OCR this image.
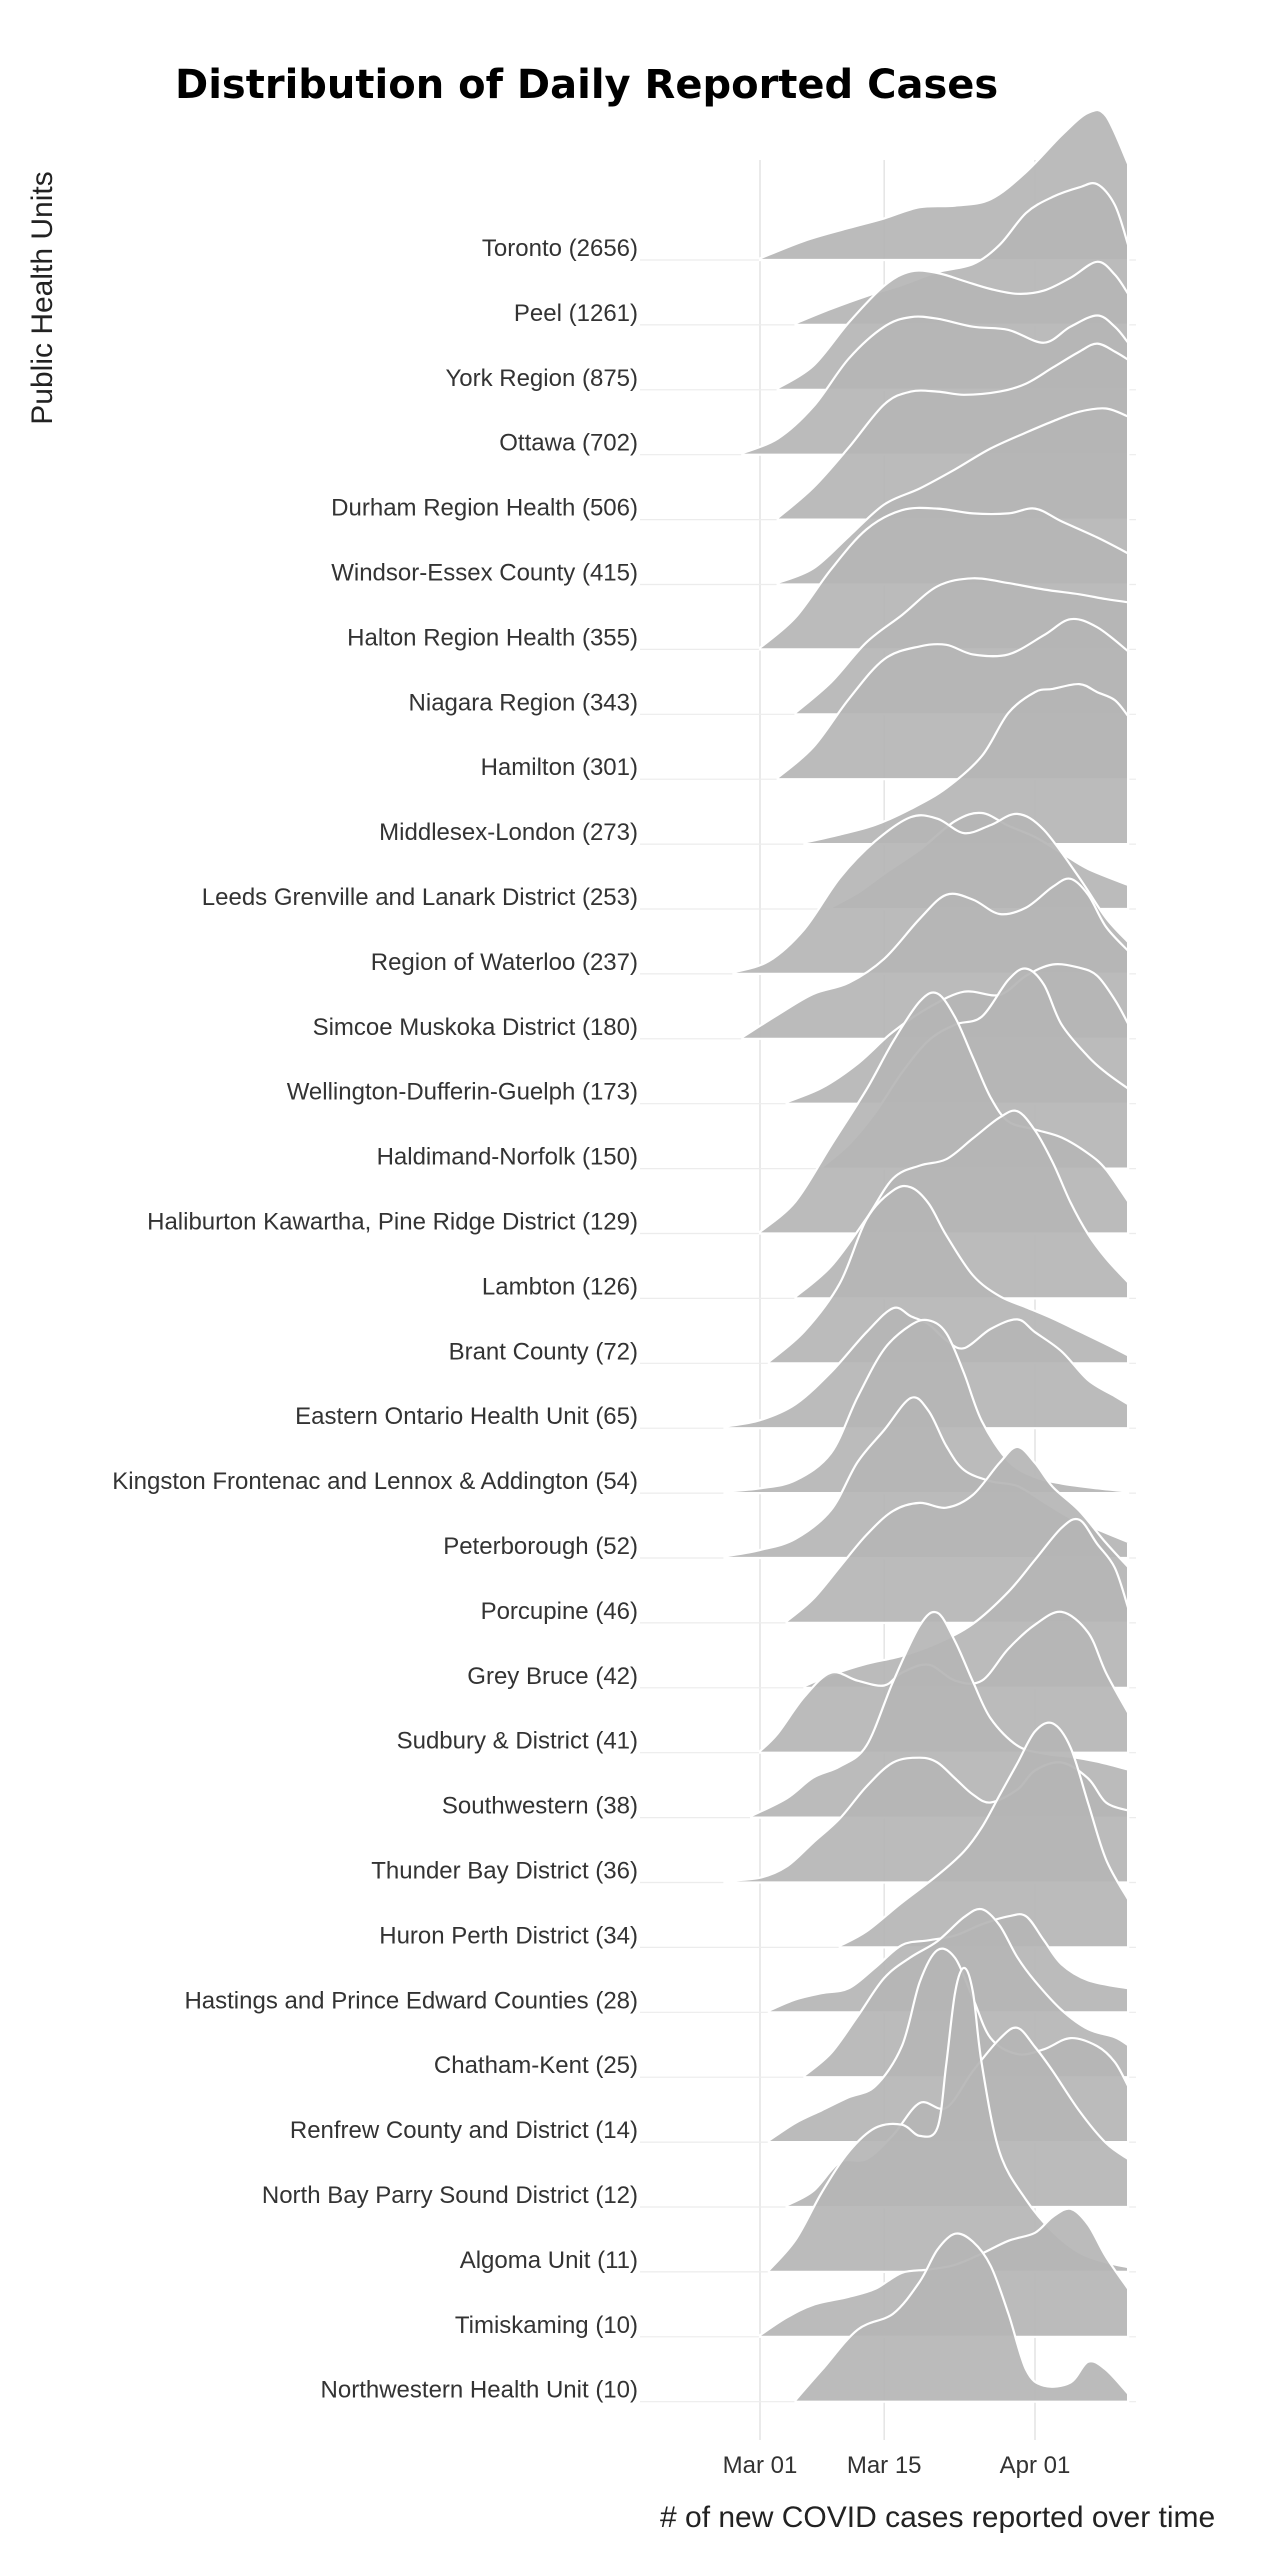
Distribution of Daily Reported Cases
Toronto (2656)
Peel (1261)
York Region (875)
Ottawa (702)
Durham Region Health (506)
Windsor-Essex County (415)
Halton Region Health (355)
Niagara Region (343)
Hamilton (301)
Middlesex-London (273)
Leeds Grenville and Lanark District (253)
Region of Waterloo (237)
Simcoe Muskoka District (180)
Wellington-Dufferin-Guelph (173)
Haldimand-Norfolk (150)
Haliburton Kawartha, Pine Ridge District (129)
Lambton (126)
Brant County (72)
Eastern Ontario Health Unit (65)
Kingston Frontenac and Lennox & Addington (54)
Peterborough (52)
Porcupine (46)
Grey Bruce (42)
Sudbury & District (41)
Southwestern (38)
Thunder Bay District (36)
Huron Perth District (34)
Hastings and Prince Edward Counties (28)
Chatham-Kent (25)
Renfrew County and District (14)
North Bay Parry Sound District (12)
Algoma Unit (11)
Timiskaming (10)
Northwestern Health Unit (10)
Mar 01 Mar 15	Apr 01
Public Health Units
# of new COVID cases reported over time
